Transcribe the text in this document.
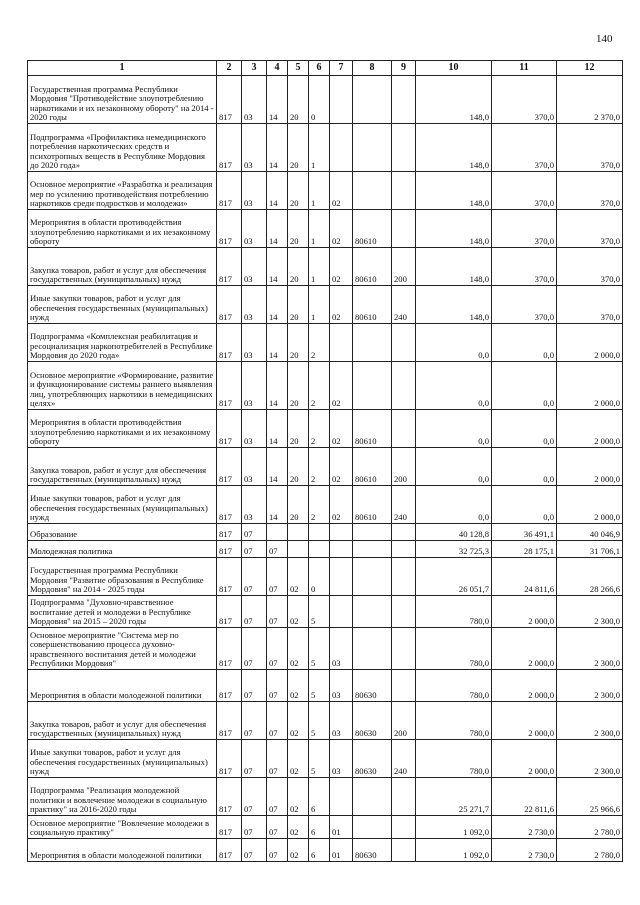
140
1	2	3	4	5	6	7	8	9	10	11	12
Государственная программа Республики Мордовия "Противодействие злоупотреблению наркотиками и их незаконному обороту" на 2014 - 2020 годы	817	03	14	20	0				148,0	370,0	2 370,0
Подпрограмма «Профилактика немедицинского потребления наркотических средств и психотропных веществ в Республике Мордовия до 2020 года»	817	03	14	20	1				148,0	370,0	370,0
Основное мероприятие «Разработка и реализация мер по усилению противодействия потреблению наркотиков среди подростков и молодежи»	817	03	14	20	1	02			148,0	370,0	370,0
Мероприятия в области противодействия злоупотреблению наркотиками и их незаконному обороту	817	03	14	20	1	02	80610		148,0	370,0	370,0
Закупка товаров, работ и услуг для обеспечения государственных (муниципальных) нужд	817	03	14	20	1	02	80610	200	148,0	370,0	370,0
Иные закупки товаров, работ и услуг для обеспечения государственных (муниципальных) нужд	817	03	14	20	1	02	80610	240	148,0	370,0	370,0
Подпрограмма «Комплексная реабилитация и ресоциализация наркопотребителей в Республике Мордовия до 2020 года»	817	03	14	20	2				0,0	0,0	2 000,0
Основное мероприятие «Формирование, развитие и функционирование системы раннего выявления лиц, употребляющих наркотики в немедицинских целях»	817	03	14	20	2	02			0,0	0,0	2 000,0
Мероприятия в области противодействия злоупотреблению наркотиками и их незаконному обороту	817	03	14	20	2	02	80610		0,0	0,0	2 000,0
Закупка товаров, работ и услуг для обеспечения государственных (муниципальных) нужд	817	03	14	20	2	02	80610	200	0,0	0,0	2 000,0
Иные закупки товаров, работ и услуг для обеспечения государственных (муниципальных) нужд	817	03	14	20	2	02	80610	240	0,0	0,0	2 000,0
Образование	817	07							40 128,8	36 491,1	40 046,9
Молодежная политика	817	07	07						32 725,3	28 175,1	31 706,1
Государственная программа Республики Мордовия "Развитие образования в Республике Мордовия" на 2014 - 2025 годы	817	07	07	02	0				26 051,7	24 811,6	28 266,6
Подпрограмма "Духовно-нравственное воспитание детей и молодежи в Республике Мордовия" на 2015 – 2020 годы	817	07	07	02	5				780,0	2 000,0	2 300,0
Основное мероприятие "Система мер по совершенствованию процесса духовно-нравственного воспитания детей и молодежи Республики Мордовия"	817	07	07	02	5	03			780,0	2 000,0	2 300,0
Мероприятия в области молодежной политики	817	07	07	02	5	03	80630		780,0	2 000,0	2 300,0
Закупка товаров, работ и услуг для обеспечения государственных (муниципальных) нужд	817	07	07	02	5	03	80630	200	780,0	2 000,0	2 300,0
Иные закупки товаров, работ и услуг для обеспечения государственных (муниципальных) нужд	817	07	07	02	5	03	80630	240	780,0	2 000,0	2 300,0
Подпрограмма "Реализация молодежной политики и вовлечение молодежи в социальную практику" на 2016-2020 годы	817	07	07	02	6				25 271,7	22 811,6	25 966,6
Основное мероприятие "Вовлечение молодежи в социальную практику"	817	07	07	02	6	01			1 092,0	2 730,0	2 780,0
Мероприятия в области молодежной политики	817	07	07	02	6	01	80630		1 092,0	2 730,0	2 780,0
